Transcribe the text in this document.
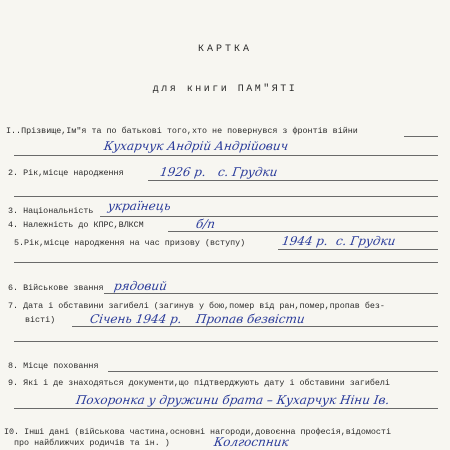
КАРТКА
для книги ПАМ"ЯТІ
І..Прізвище,Ім"я та по батькові того,хто не повернувся з фронтів війни
Кухарчук Андрій Андрійович
2. Рік,місце народження	1926 р. с. Грудки
3. Національність українець
4. Належність до КПРС,ВЛКСМ	б/п
5.Рік,місце народження на час призову (вступу)	1944 р. с. Грудки
6. Військове звання рядовий
7. Дата і обставини загибелі (загинув у бою,помер від ран,помер,пропав без-
вісті)	Січень 1944 р. Пропав безвісти
8. Місце поховання
9. Які і де знаходяться документи,що підтверджують дату і обставини загибелі
Похоронка у дружини брата – Кухарчук Ніни Ів.
І0. Інші дані (військова частина,основні нагороди,довоєнна професія,відомості
про найближчих родичів та ін. )	Колгоспник
